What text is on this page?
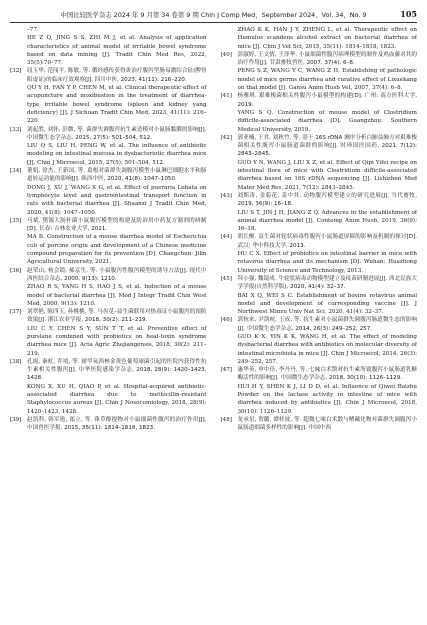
中国比较医学杂志 2024 年 9 月第 34 卷第 9 期 Chin J Comp Med，September 2024，Vol. 34，No. 9	105
–77.
HE Z Q, JING S S, ZHI M J, et al. Analysis of application characteristics of animal model of irritable bowel syndrome based on data mining [J]. Tradit Chin Med Res, 2022, 35(5):70–77.
[32] 屈玉华, 范闯平, 陈敏, 等. 循经感传获得灸治疗腹泻型肠易激综合征(脾肾阳虚证)的临床疗效观察[J]. 四川中医, 2023, 41(11): 216–220.
QU Y H, FAN Y P, CHEN M, et al. Clinical therapeutic effect of acupuncture and moxibustion in the treatment of diarrhea-type irritable bowel syndrome (spleen and kidney yang deficiency) [J]. J Sichuan Tradit Chin Med, 2023, 41(11): 216–220.
[33] 刘起胜, 刘怀, 彭微, 等. 菌群失调腹泻抗生素造模对小鼠肠黏膜的影响[J]. 中国微生态学杂志, 2015, 27(5): 501–504, 512.
LIU Q S, LIU H, PENG W, et al. The influence of antibiotic modeling on intestinal mucosa in dysbacteriotic diarrhea mice [J]. Chin J Microecol, 2015, 27(5): 501–504, 512.
[34] 董娟, 徐杰, 王新国, 等. 葛根对菌群失调腹泻模型小鼠淋巴细胞水平和肠道转运功能的影响[J]. 陕西中医, 2020, 41(8): 1047–1050.
DONG J, XU J, WANG X G, et al. Effect of pueraria Lobata on lymphocyte level and gastrointestinal transport function in rats with bacterial diarrhea [J]. Shaanxi J Tradit Chin Med, 2020, 41(8): 1047–1050.
[35] 马斌. 猪源大肠杆菌小鼠腹泻模型的构建及防治用中药复方制剂的研制[D]. 长春: 吉林农业大学, 2021.
MA B. Construction of a mouse diarrhea model of Escherichia coli of porcine origin and development of a Chinese medicine compound preparation for its prevention [D]. Changchun: Jilin Agricultural University, 2021.
[36] 赵荣山, 杨会锁, 郝京生, 等. 小鼠腹泻性腹泻模型的诱导方法[J]. 现代中西医结合杂志, 2000, 9(13): 1210.
ZHAO R S, YANG H S, HAO J S, et al. Induction of a mouse model of bacterial diarrhea [J]. Mod J Integr Tradit Chin West Med, 2000, 9(13): 1210.
[37] 刘翠艳, 陈四玉, 孙桃桃, 等. 马齿苋–益生菌联用对热毒证小鼠腹泻的预防效果[J]. 浙江农业学报, 2018, 30(2): 211–219.
LIU C Y, CHEN S Y, SUN T T, et al. Preventive effect of purslane combined with probiotics on heat-toxin syndrome diarrhea mice [J]. Acta Agric Zhejiangensis, 2018, 30(2): 211–219.
[38] 孔霞, 秦虹, 乔靖, 等. 耐甲氧西林金黄色葡萄球菌引起的医院内获得性抗生素相关性腹泻[J]. 中华医院感染学杂志, 2018, 28(9): 1420–1423, 1428.
KONG X, XU H, QIAO P, et al. Hospital-acquired antibiotic-associated diarrhea due to methicillin-resistant Staphylococcus aureus [J]. Chin J Nosocomiology, 2018, 28(9): 1420–1423, 1428.
[39] 赵凯科, 韩军艳, 郑立, 等. 葎草醇提物对小鼠细菌性腹泻的治疗作用[J]. 中国兽医学报, 2015, 35(11): 1814–1818, 1823.
ZHAO K K, HAN J Y, ZHENG L, et al. Therapeutic effect on Humulus scandens alcohol extract on bacterial diarrhea of mice [J]. Chin J Vet Sci, 2015, 35(11): 1814–1818, 1823.
[40] 彭淑婷, 王文倩, 王泽华. 小鼠细菌性腹泻病理模型的制作及鸡血藤对其的治疗作用[J]. 甘肃畜牧兽医, 2007, 37(4): 6–8.
PENG S Z, WANG Y C, WANG Z H. Establishing of pathologic model of mice germs diarrhea and curative effect of Lixuekang on that model [J]. Gansu Anim Husb Vet, 2007, 37(4): 6–8.
[41] 杨雅琪. 艰难梭菌相关性腹泻小鼠模型的构建[D]. 广州: 南方医科大学, 2019.
YANG S Q. Construction of mouse model of Clostridium difficile-associated diarrhea [D]. Guangzhou: Southern Medical University, 2019.
[42] 郭亚楠, 王君, 刘秋竹, 等. 基于 16S rDNA 测序分析白肺益肺方对艰难梭菌相关性腹泻小鼠肠道菌群的影响[J]. 时珍国医国药, 2021, 7(12): 2843–2845.
GUO Y N, WANG J, LIU X Z, et al. Effect of Qipi Yifei recipe on intestinal flora of mice with Clostridium difficile-associated diarrhea based on 16S rDNA sequencing [J]. Lishizhen Med Mater Med Res, 2021, 7(12): 2843–2845.
[43] 刘斯涛, 金菊花, 姜中其. 动物腹泻模型建立的研究进展[J]. 当代畜牧, 2019, 36(9): 16–18.
LIU S T, JIN J H, JIANG Z Q. Advances in the establishment of animal diarrhea model [J]. Contemp Anim Husb, 2019, 36(9): 16–18.
[44] 胡长醒. 益生菌对轮状病毒性腹泻小鼠肠道屏障的影响及机制的探讨[D]. 武汉: 华中科技大学, 2013.
HU C X. Effect of probiotics on intestinal barrier in mice with rotavirus diarrhea and its mechanism [D]. Wuhan: Huazhong University of Science and Technology, 2013.
[45] 拜小强, 魏镜成. 牛轮状病毒动物模型建立及疫苗研制进展[J]. 西北民族大学学报(自然科学版), 2020, 41(4): 32–37.
BAI X Q, WEI S C. Establishment of bovine rotavirus animal model and development of corresponding vaccine [J]. J Northwest Minzu Univ Nat Sci, 2020, 41(4): 32–37.
[46] 郭杭来, 尹凯杭, 王成, 等. 抗生素对小鼠菌群失调腹泻肠道微生态的影响[J]. 中国微生态学杂志, 2014, 26(3): 249–252, 257.
GUO K X, YIN K K, WANG H, et al. The effect of modeling dysbacterial diarrhea with antibiotics on molecular diversity of intestinal microbiota in mice [J]. Chin J Microecol, 2014, 26(3): 249–252, 257.
[47] 惠华英, 申中佳, 李丹丹, 等. 七味白术散对抗生素所致腹泻小鼠肠道乳糖酶活性的影响[J]. 中国微生态学杂志, 2018, 30(10): 1126–1129.
HUI H Y, SHEN K J, LI D D, et al. Influence of Qiwei Baizhu Powder on the lactase activity in intestine of mice with diarrhea induced by antibiotics [J]. Chin J Microecol, 2018, 30(10): 1126–1129.
[48] 龙承星, 贺璐, 谭桂波, 等. 超微七味白术散与鳍藏化物对菌群失调腹泻小鼠肠道细菌多样性的影响[J]. 中国中西
